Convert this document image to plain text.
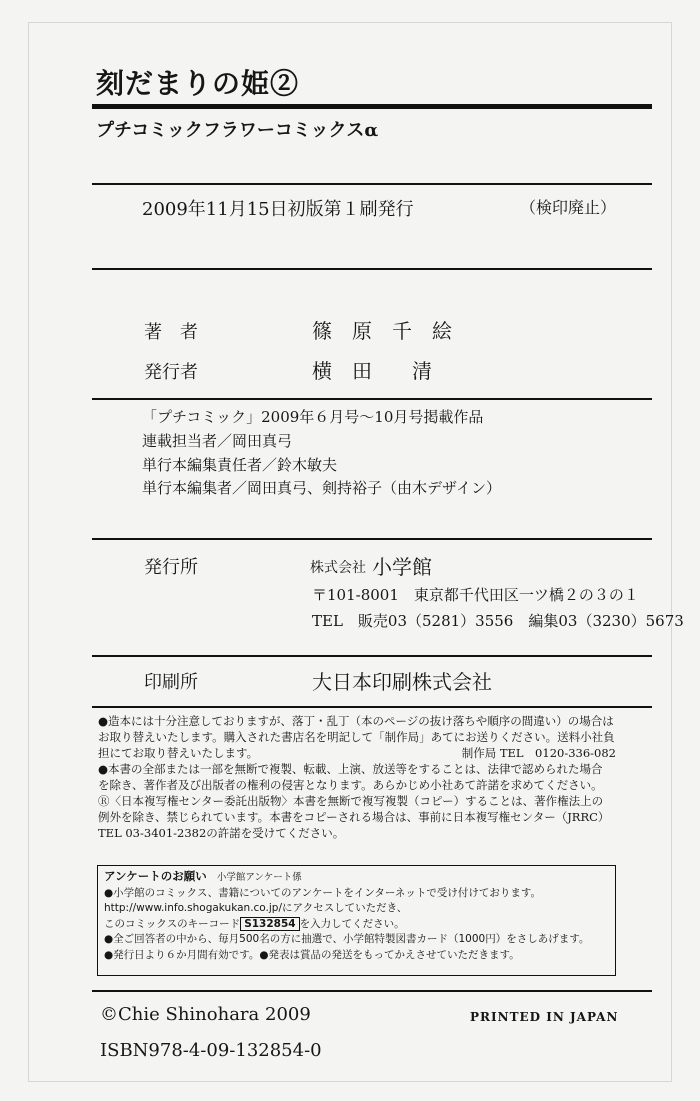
刻だまりの姫②
プチコミックフラワーコミックスα
2009年11月15日初版第１刷発行	（検印廃止）
著　者	篠　原　千　絵
発行者	横　田　　清
「プチコミック」2009年６月号〜10月号掲載作品
連載担当者／岡田真弓
単行本編集責任者／鈴木敏夫
単行本編集者／岡田真弓、剣持裕子（由木デザイン）
発行所	株式会社 小学館
〒101-8001　東京都千代田区一ツ橋２の３の１
TEL　販売03（5281）3556　編集03（3230）5673
印刷所	大日本印刷株式会社
●造本には十分注意しておりますが、落丁・乱丁（本のページの抜け落ちや順序の間違い）の場合は
お取り替えいたします。購入された書店名を明記して「制作局」あてにお送りください。送料小社負
担にてお取り替えいたします。	制作局 TEL　0120-336-082
●本書の全部または一部を無断で複製、転載、上演、放送等をすることは、法律で認められた場合
を除き、著作者及び出版者の権利の侵害となります。あらかじめ小社あて許諾を求めてください。
Ⓡ〈日本複写権センター委託出版物〉本書を無断で複写複製（コピー）することは、著作権法上の
例外を除き、禁じられています。本書をコピーされる場合は、事前に日本複写権センター（JRRC）
TEL 03-3401-2382の許諾を受けてください。
アンケートのお願い 小学館アンケート係
●小学館のコミックス、書籍についてのアンケートをインターネットで受け付けております。
http://www.info.shogakukan.co.jp/にアクセスしていただき、
このコミックスのキーコード S132854 を入力してください。
●全ご回答者の中から、毎月500名の方に抽選で、小学館特製図書カード（1000円）をさしあげます。
●発行日より６か月間有効です。●発表は賞品の発送をもってかえさせていただきます。
©Chie Shinohara 2009	PRINTED IN JAPAN
ISBN978-4-09-132854-0
